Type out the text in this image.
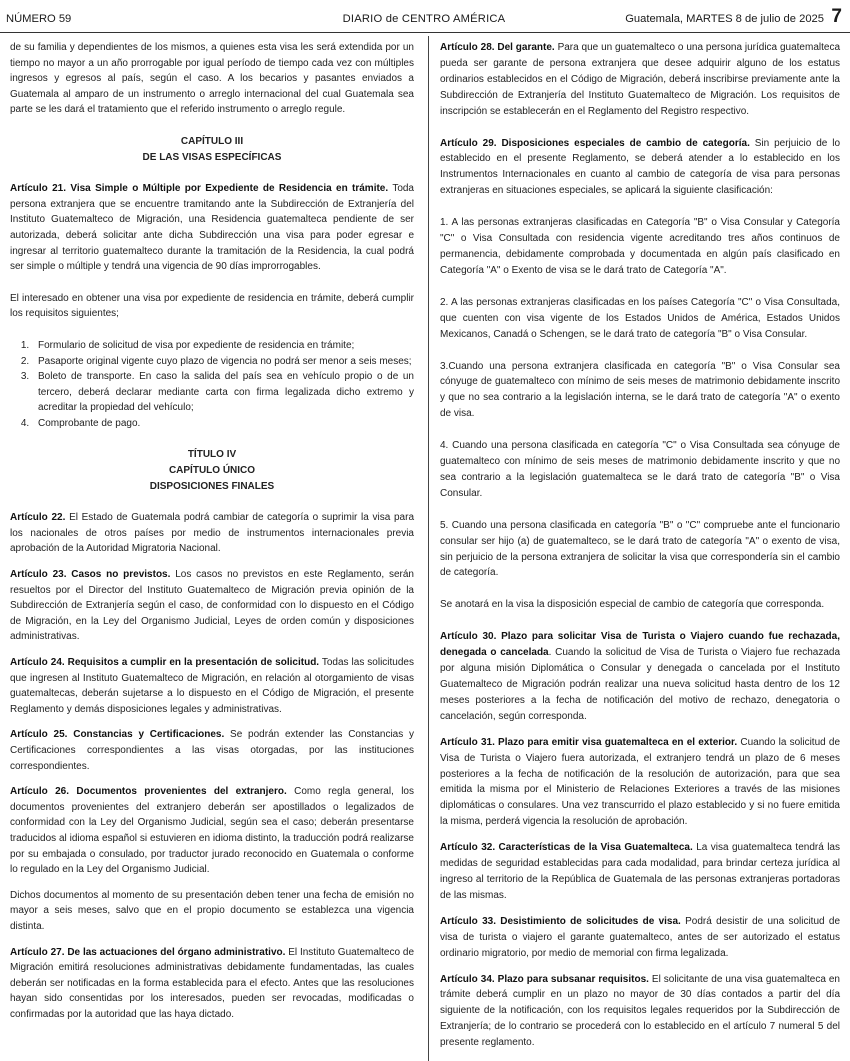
NÚMERO 59	DIARIO de CENTRO AMÉRICA	Guatemala, MARTES 8 de julio de 2025 7

de su familia y dependientes de los mismos, a quienes esta visa les será extendida por un tiempo no mayor a un año prorrogable por igual período de tiempo cada vez con múltiples ingresos y egresos al país, según el caso. A los becarios y pasantes enviados a Guatemala al amparo de un instrumento o arreglo internacional del cual Guatemala sea parte se les dará el tratamiento que el referido instrumento o arreglo regule.

CAPÍTULO III

DE LAS VISAS ESPECÍFICAS

Artículo 21. Visa Simple o Múltiple por Expediente de Residencia en trámite. Toda persona extranjera que se encuentre tramitando ante la Subdirección de Extranjería del Instituto Guatemalteco de Migración, una Residencia guatemalteca pendiente de ser autorizada, deberá solicitar ante dicha Subdirección una visa para poder egresar e ingresar al territorio guatemalteco durante la tramitación de la Residencia, la cual podrá ser simple o múltiple y tendrá una vigencia de 90 días improrrogables.

El interesado en obtener una visa por expediente de residencia en trámite, deberá cumplir los requisitos siguientes;

1. Formulario de solicitud de visa por expediente de residencia en trámite;
2. Pasaporte original vigente cuyo plazo de vigencia no podrá ser menor a seis meses;
3. Boleto de transporte. En caso la salida del país sea en vehículo propio o de un tercero, deberá declarar mediante carta con firma legalizada dicho extremo y acreditar la propiedad del vehículo;
4. Comprobante de pago.

TÍTULO IV

CAPÍTULO ÚNICO

DISPOSICIONES FINALES

Artículo 22. El Estado de Guatemala podrá cambiar de categoría o suprimir la visa para los nacionales de otros países por medio de instrumentos internacionales previa aprobación de la Autoridad Migratoria Nacional.

Artículo 23. Casos no previstos. Los casos no previstos en este Reglamento, serán resueltos por el Director del Instituto Guatemalteco de Migración previa opinión de la Subdirección de Extranjería según el caso, de conformidad con lo dispuesto en el Código de Migración, en la Ley del Organismo Judicial, Leyes de orden común y disposiciones administrativas.

Artículo 24. Requisitos a cumplir en la presentación de solicitud. Todas las solicitudes que ingresen al Instituto Guatemalteco de Migración, en relación al otorgamiento de visas guatemaltecas, deberán sujetarse a lo dispuesto en el Código de Migración, el presente Reglamento y demás disposiciones legales y administrativas.

Artículo 25. Constancias y Certificaciones. Se podrán extender las Constancias y Certificaciones correspondientes a las visas otorgadas, por las instituciones correspondientes.

Artículo 26. Documentos provenientes del extranjero. Como regla general, los documentos provenientes del extranjero deberán ser apostillados o legalizados de conformidad con la Ley del Organismo Judicial, según sea el caso; deberán presentarse traducidos al idioma español si estuvieren en idioma distinto, la traducción podrá realizarse por su embajada o consulado, por traductor jurado reconocido en Guatemala o conforme lo regulado en la Ley del Organismo Judicial.

Dichos documentos al momento de su presentación deben tener una fecha de emisión no mayor a seis meses, salvo que en el propio documento se establezca una vigencia distinta.

Artículo 27. De las actuaciones del órgano administrativo. El Instituto Guatemalteco de Migración emitirá resoluciones administrativas debidamente fundamentadas, las cuales deberán ser notificadas en la forma establecida para el efecto. Antes que las resoluciones hayan sido consentidas por los interesados, pueden ser revocadas, modificadas o confirmadas por la autoridad que las haya dictado.

Artículo 28. Del garante. Para que un guatemalteco o una persona jurídica guatemalteca pueda ser garante de persona extranjera que desee adquirir alguno de los estatus ordinarios establecidos en el Código de Migración, deberá inscribirse previamente ante la Subdirección de Extranjería del Instituto Guatemalteco de Migración. Los requisitos de inscripción se establecerán en el Reglamento del Registro respectivo.

Artículo 29. Disposiciones especiales de cambio de categoría. Sin perjuicio de lo establecido en el presente Reglamento, se deberá atender a lo establecido en los Instrumentos Internacionales en cuanto al cambio de categoría de visa para personas extranjeras en situaciones especiales, se aplicará la siguiente clasificación:

1. A las personas extranjeras clasificadas en Categoría "B" o Visa Consular y Categoría "C" o Visa Consultada con residencia vigente acreditando tres años continuos de permanencia, debidamente comprobada y documentada en algún país clasificado en Categoría "A" o Exento de visa se le dará trato de Categoría "A".

2. A las personas extranjeras clasificadas en los países Categoría "C" o Visa Consultada, que cuenten con visa vigente de los Estados Unidos de América, Estados Unidos Mexicanos, Canadá o Schengen, se le dará trato de categoría "B" o Visa Consular.

3.Cuando una persona extranjera clasificada en categoría "B" o Visa Consular sea cónyuge de guatemalteco con mínimo de seis meses de matrimonio debidamente inscrito y que no sea contrario a la legislación interna, se le dará trato de categoría "A" o exento de visa.

4. Cuando una persona clasificada en categoría "C" o Visa Consultada sea cónyuge de guatemalteco con mínimo de seis meses de matrimonio debidamente inscrito y que no sea contrario a la legislación guatemalteca se le dará trato de categoría "B" o Visa Consular.

5. Cuando una persona clasificada en categoría "B" o "C" compruebe ante el funcionario consular ser hijo (a) de guatemalteco, se le dará trato de categoría "A" o exento de visa, sin perjuicio de la persona extranjera de solicitar la visa que correspondería sin el cambio de categoría.

Se anotará en la visa la disposición especial de cambio de categoría que corresponda.

Artículo 30. Plazo para solicitar Visa de Turista o Viajero cuando fue rechazada, denegada o cancelada. Cuando la solicitud de Visa de Turista o Viajero fue rechazada por alguna misión Diplomática o Consular y denegada o cancelada por el Instituto Guatemalteco de Migración podrán realizar una nueva solicitud hasta dentro de los 12 meses posteriores a la fecha de notificación del motivo de rechazo, denegatoria o cancelación, según corresponda.

Artículo 31. Plazo para emitir visa guatemalteca en el exterior. Cuando la solicitud de Visa de Turista o Viajero fuera autorizada, el extranjero tendrá un plazo de 6 meses posteriores a la fecha de notificación de la resolución de autorización, para que sea emitida la misma por el Ministerio de Relaciones Exteriores a través de las misiones diplomáticas o consulares. Una vez transcurrido el plazo establecido y si no fuere emitida la misma, perderá vigencia la resolución de aprobación.

Artículo 32. Características de la Visa Guatemalteca. La visa guatemalteca tendrá las medidas de seguridad establecidas para cada modalidad, para brindar certeza jurídica al ingreso al territorio de la República de Guatemala de las personas extranjeras portadoras de las mismas.

Artículo 33. Desistimiento de solicitudes de visa. Podrá desistir de una solicitud de visa de turista o viajero el garante guatemalteco, antes de ser autorizado el estatus ordinario migratorio, por medio de memorial con firma legalizada.

Artículo 34. Plazo para subsanar requisitos. El solicitante de una visa guatemalteca en trámite deberá cumplir en un plazo no mayor de 30 días contados a partir del día siguiente de la notificación, con los requisitos legales requeridos por la Subdirección de Extranjería; de lo contrario se procederá con lo establecido en el artículo 7 numeral 5 del presente reglamento.
